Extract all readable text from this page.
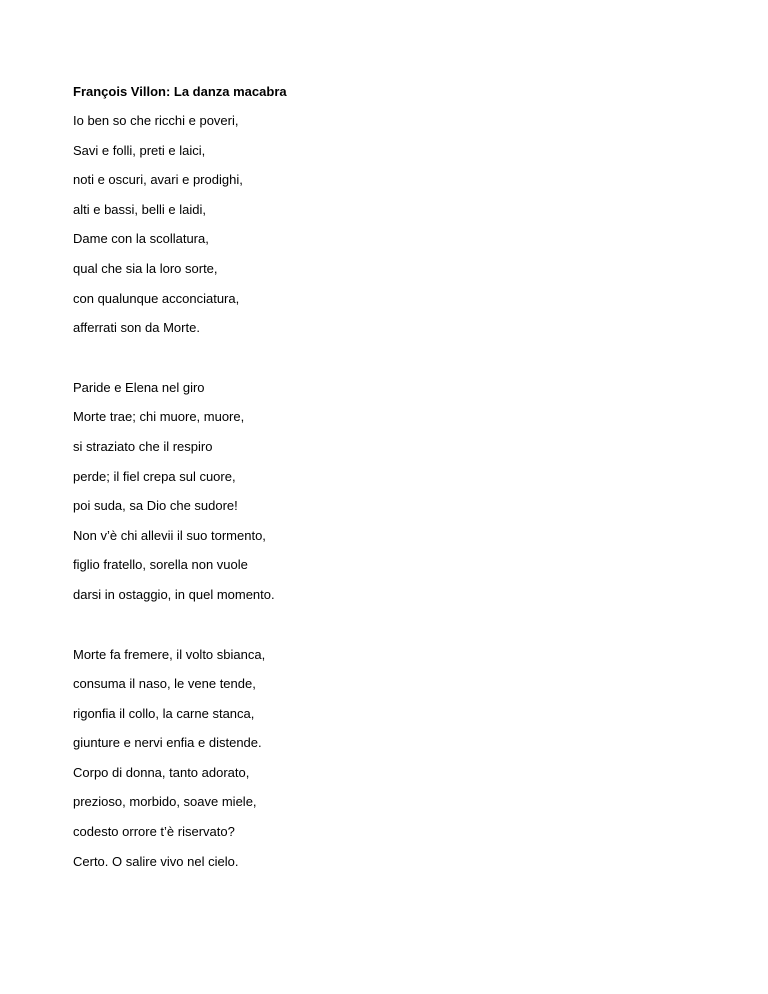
François Villon: La danza macabra
Io ben so che ricchi e poveri,
Savi e folli, preti e laici,
noti e oscuri, avari e prodighi,
alti e bassi, belli e laidi,
Dame con la scollatura,
qual che sia la loro sorte,
con qualunque acconciatura,
afferrati son da Morte.
Paride e Elena nel giro
Morte trae; chi muore, muore,
si straziato che il respiro
perde; il fiel crepa sul cuore,
poi suda, sa Dio che sudore!
Non v’è chi allevii il suo tormento,
figlio fratello, sorella non vuole
darsi in ostaggio, in quel momento.
Morte fa fremere, il volto sbianca,
consuma il naso, le vene tende,
rigonfia il collo, la carne stanca,
giunture e nervi enfia e distende.
Corpo di donna, tanto adorato,
prezioso, morbido, soave miele,
codesto orrore t’è riservato?
Certo. O salire vivo nel cielo.
